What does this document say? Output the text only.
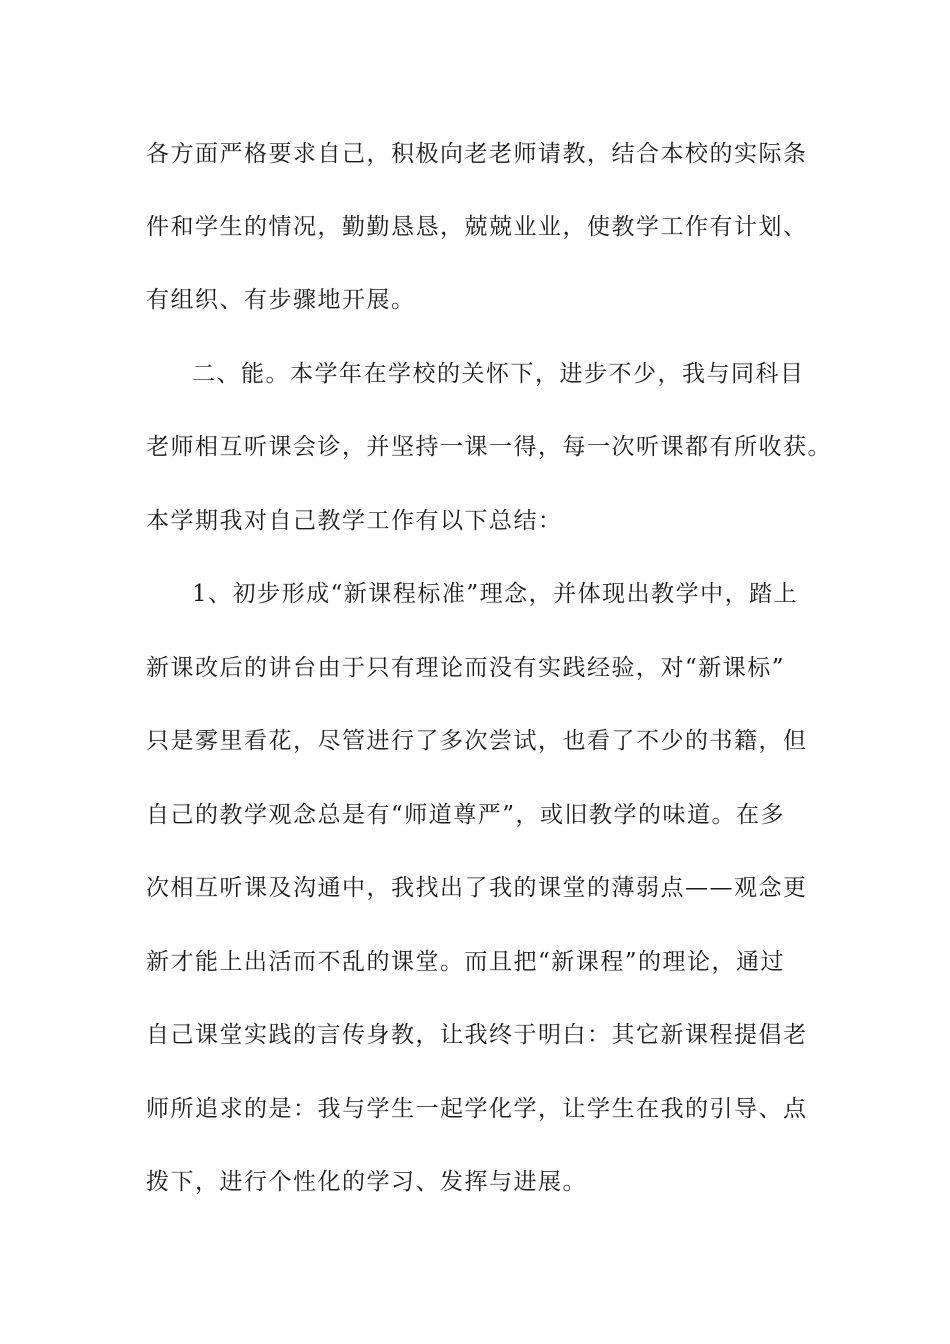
各方面严格要求自己，积极向老老师请教，结合本校的实际条

件和学生的情况，勤勤恳恳，兢兢业业，使教学工作有计划、

有组织、有步骤地开展。

二、能。本学年在学校的关怀下，进步不少，我与同科目

老师相互听课会诊，并坚持一课一得，每一次听课都有所收获。

本学期我对自己教学工作有以下总结：

1、初步形成“新课程标准”理念，并体现出教学中，踏上

新课改后的讲台由于只有理论而没有实践经验，对“新课标”

只是雾里看花，尽管进行了多次尝试，也看了不少的书籍，但

自己的教学观念总是有“师道尊严”，或旧教学的味道。在多

次相互听课及沟通中，我找出了我的课堂的薄弱点——观念更

新才能上出活而不乱的课堂。而且把“新课程”的理论，通过

自己课堂实践的言传身教，让我终于明白：其它新课程提倡老

师所追求的是：我与学生一起学化学，让学生在我的引导、点

拨下，进行个性化的学习、发挥与进展。
